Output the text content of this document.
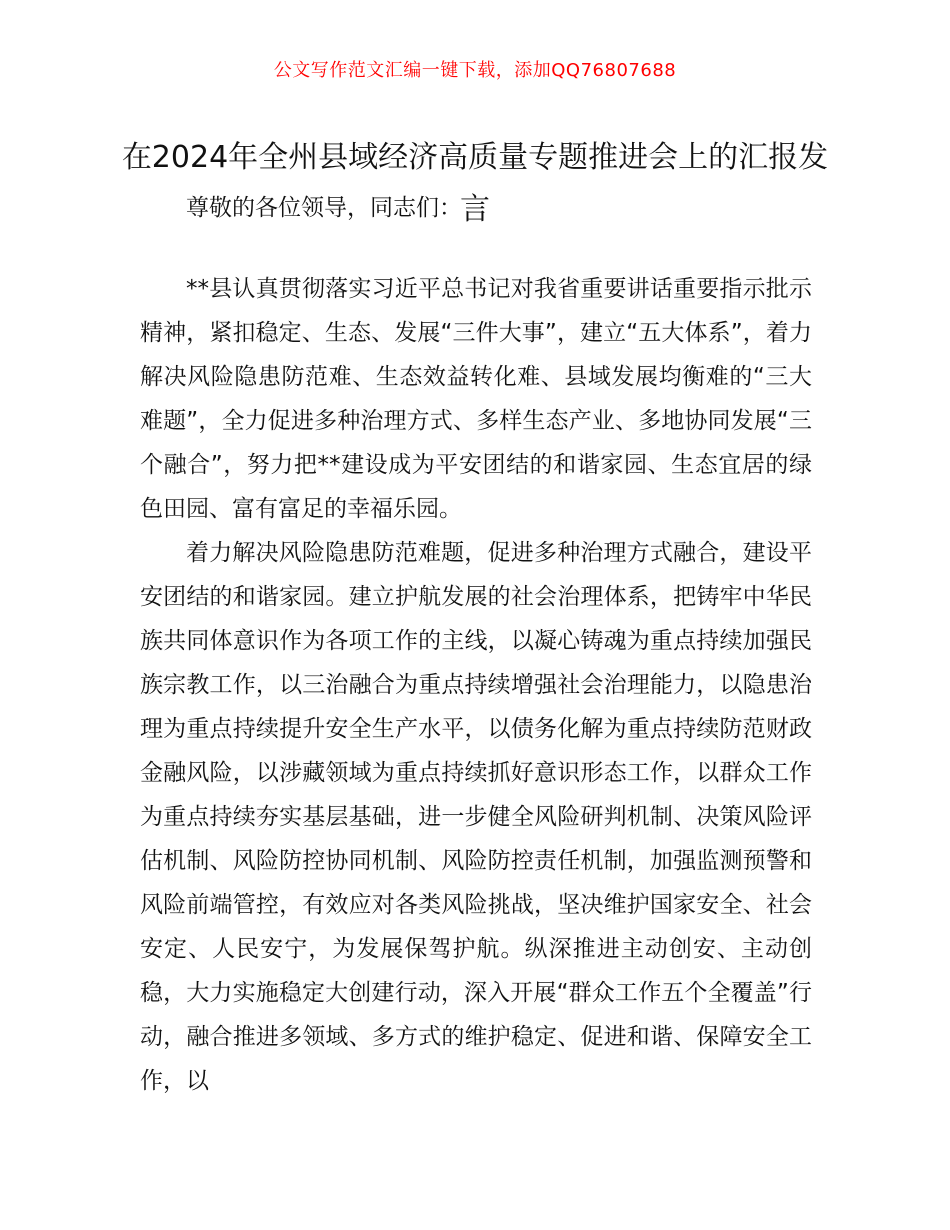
公文写作范文汇编一键下载，添加QQ76807688
在2024年全州县域经济高质量专题推进会上的汇报发言

尊敬的各位领导，同志们：

**县认真贯彻落实习近平总书记对我省重要讲话重要指示批示精神，紧扣稳定、生态、发展“三件大事”，建立“五大体系”，着力解决风险隐患防范难、生态效益转化难、县域发展均衡难的“三大难题”，全力促进多种治理方式、多样生态产业、多地协同发展“三个融合”，努力把**建设成为平安团结的和谐家园、生态宜居的绿色田园、富有富足的幸福乐园。

着力解决风险隐患防范难题，促进多种治理方式融合，建设平安团结的和谐家园。建立护航发展的社会治理体系，把铸牢中华民族共同体意识作为各项工作的主线，以凝心铸魂为重点持续加强民族宗教工作，以三治融合为重点持续增强社会治理能力，以隐患治理为重点持续提升安全生产水平，以债务化解为重点持续防范财政金融风险，以涉藏领域为重点持续抓好意识形态工作，以群众工作为重点持续夯实基层基础，进一步健全风险研判机制、决策风险评估机制、风险防控协同机制、风险防控责任机制，加强监测预警和风险前端管控，有效应对各类风险挑战，坚决维护国家安全、社会安定、人民安宁，为发展保驾护航。纵深推进主动创安、主动创稳，大力实施稳定大创建行动，深入开展“群众工作五个全覆盖”行动，融合推进多领域、多方式的维护稳定、促进和谐、保障安全工作，以
